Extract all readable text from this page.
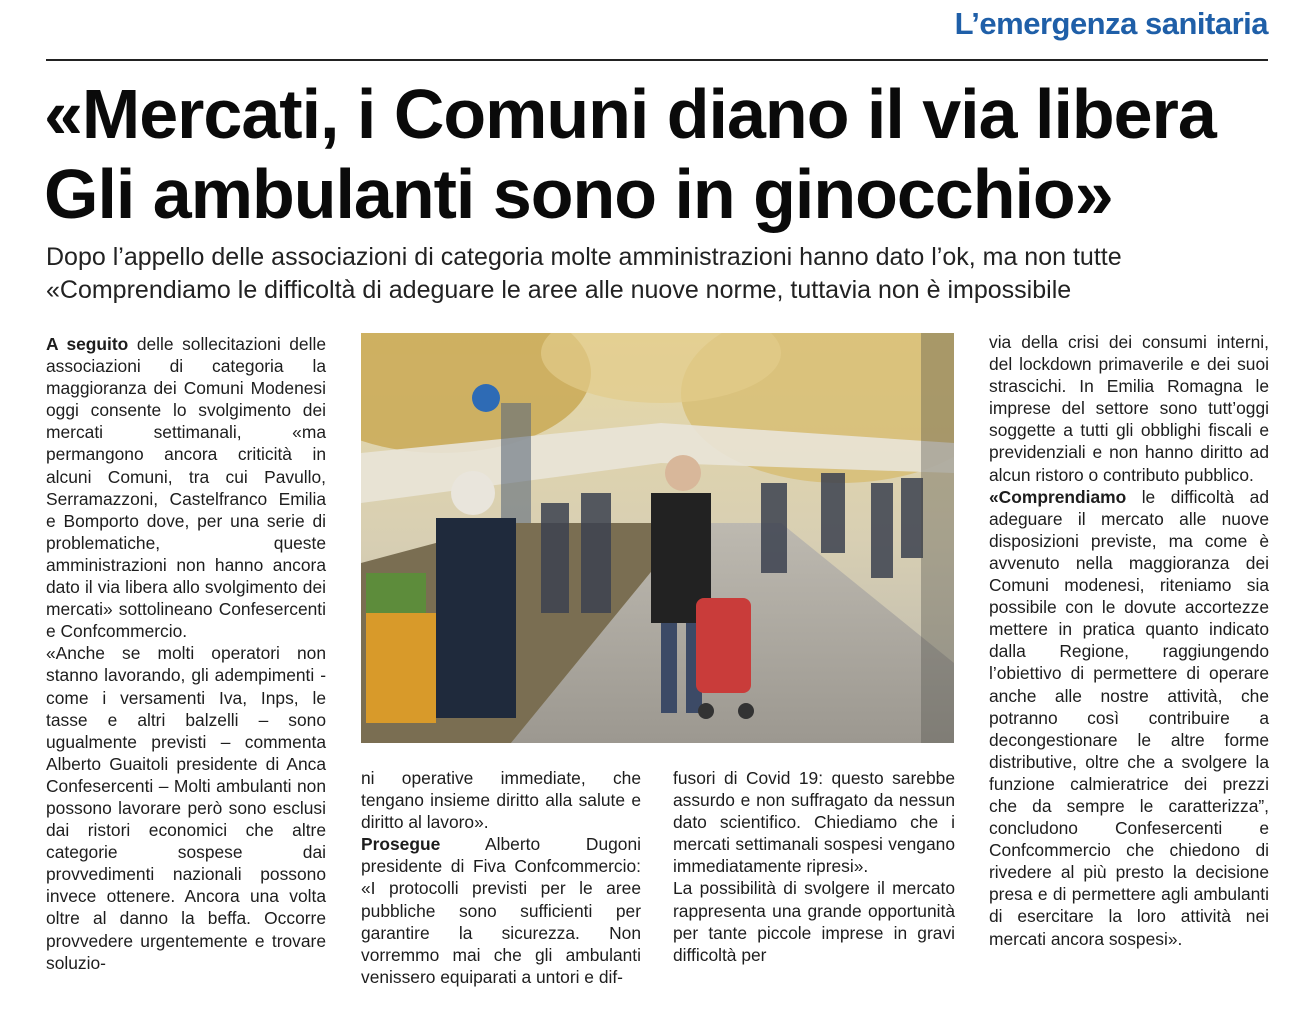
L’emergenza sanitaria
«Mercati, i Comuni diano il via libera
Gli ambulanti sono in ginocchio»
Dopo l’appello delle associazioni di categoria molte amministrazioni hanno dato l’ok, ma non tutte
«Comprendiamo le difficoltà di adeguare le aree alle nuove norme, tuttavia non è impossibile

A seguito delle sollecitazioni delle associazioni di categoria la maggioranza dei Comuni Modenesi oggi consente lo svolgimento dei mercati settimanali, «ma permangono ancora criticità in alcuni Comuni, tra cui Pavullo, Serramazzoni, Castelfranco Emilia e Bomporto dove, per una serie di problematiche, queste amministrazioni non hanno ancora dato il via libera allo svolgimento dei mercati» sottolineano Confesercenti e Confcommercio.

«Anche se molti operatori non stanno lavorando, gli adempimenti - come i versamenti Iva, Inps, le tasse e altri balzelli – sono ugualmente previsti – commenta Alberto Guaitoli presidente di Anca Confesercenti – Molti ambulanti non possono lavorare però sono esclusi dai ristori economici che altre categorie sospese dai provvedimenti nazionali possono invece ottenere. Ancora una volta oltre al danno la beffa. Occorre provvedere urgentemente e trovare soluzio-

ni operative immediate, che tengano insieme diritto alla salute e diritto al lavoro».

Prosegue Alberto Dugoni presidente di Fiva Confcommercio: «I protocolli previsti per le aree pubbliche sono sufficienti per garantire la sicurezza. Non vorremmo mai che gli ambulanti venissero equiparati a untori e dif-

fusori di Covid 19: questo sarebbe assurdo e non suffragato da nessun dato scientifico. Chiediamo che i mercati settimanali sospesi vengano immediatamente ripresi».

La possibilità di svolgere il mercato rappresenta una grande opportunità per tante piccole imprese in gravi difficoltà per

via della crisi dei consumi interni, del lockdown primaverile e dei suoi strascichi. In Emilia Romagna le imprese del settore sono tutt’oggi soggette a tutti gli obblighi fiscali e previdenziali e non hanno diritto ad alcun ristoro o contributo pubblico.

«Comprendiamo le difficoltà ad adeguare il mercato alle nuove disposizioni previste, ma come è avvenuto nella maggioranza dei Comuni modenesi, riteniamo sia possibile con le dovute accortezze mettere in pratica quanto indicato dalla Regione, raggiungendo l’obiettivo di permettere di operare anche alle nostre attività, che potranno così contribuire a decongestionare le altre forme distributive, oltre che a svolgere la funzione calmieratrice dei prezzi che da sempre le caratterizza”, concludono Confesercenti e Confcommercio che chiedono di rivedere al più presto la decisione presa e di permettere agli ambulanti di esercitare la loro attività nei mercati ancora sospesi».
